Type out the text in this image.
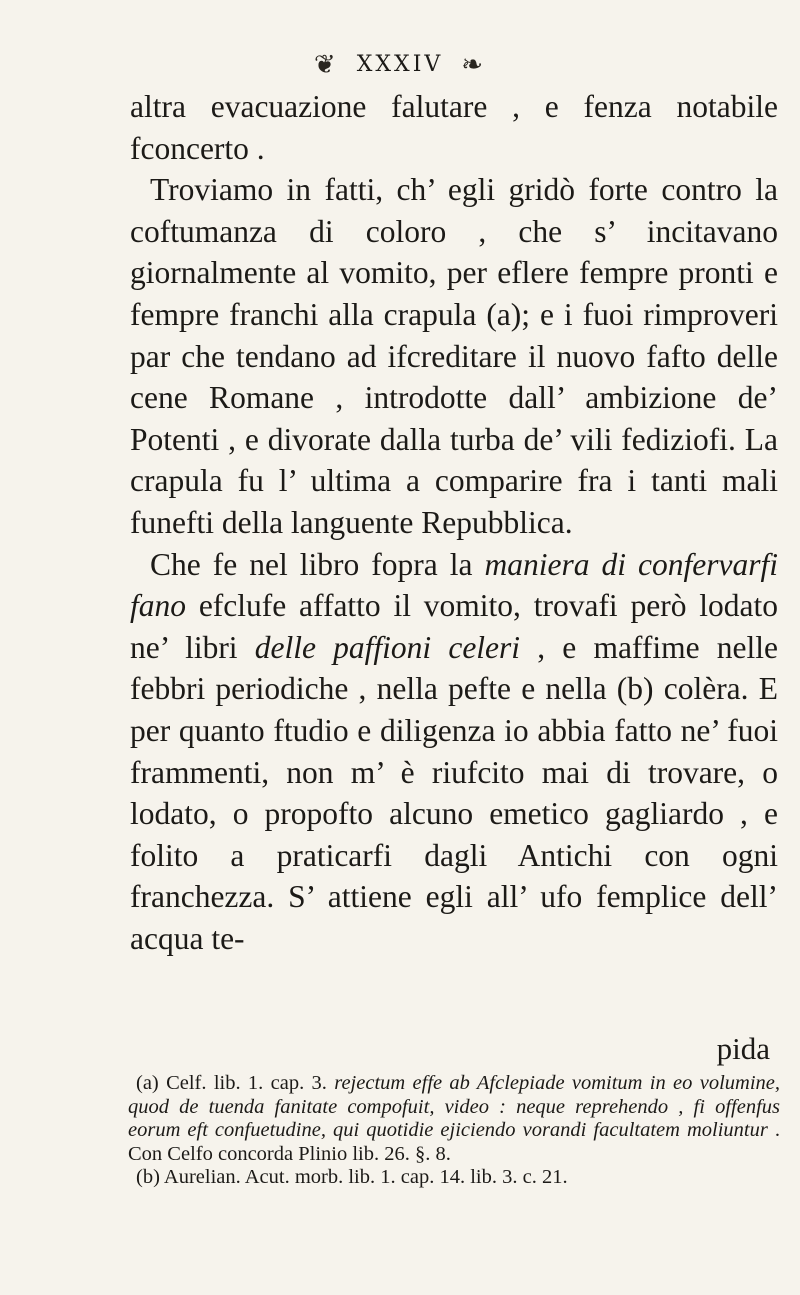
❦ XXXIV ❧

altra evacuazione falutare , e fenza notabile fconcerto .

Troviamo in fatti, ch’ egli gridò forte contro la coftumanza di coloro , che s’ incitavano giornalmente al vomito, per eflere fempre pronti e fempre franchi alla crapula (a); e i fuoi rimproveri par che tendano ad ifcreditare il nuovo fafto delle cene Romane , introdotte dall’ ambizione de’ Potenti , e divorate dalla turba de’ vili fediziofi. La crapula fu l’ ultima a comparire fra i tanti mali funefti della languente Repubblica.

Che fe nel libro fopra la maniera di confervarfi fano efclufe affatto il vomito, trovafi però lodato ne’ libri delle paffioni celeri , e maffime nelle febbri periodiche , nella pefte e nella (b) colèra. E per quanto ftudio e diligenza io abbia fatto ne’ fuoi frammenti, non m’ è riufcito mai di trovare, o lodato, o propofto alcuno emetico gagliardo , e folito a praticarfi dagli Antichi con ogni franchezza. S’ attiene egli all’ ufo femplice dell’ acqua te-

pida

(a) Celf. lib. 1. cap. 3. rejectum effe ab Afclepiade vomitum in eo volumine, quod de tuenda fanitate compofuit, video : neque reprehendo , fi offenfus eorum eft confuetudine, qui quotidie ejiciendo vorandi facultatem moliuntur . Con Celfo concorda Plinio lib. 26. §. 8.

(b) Aurelian. Acut. morb. lib. 1. cap. 14. lib. 3. c. 21.
